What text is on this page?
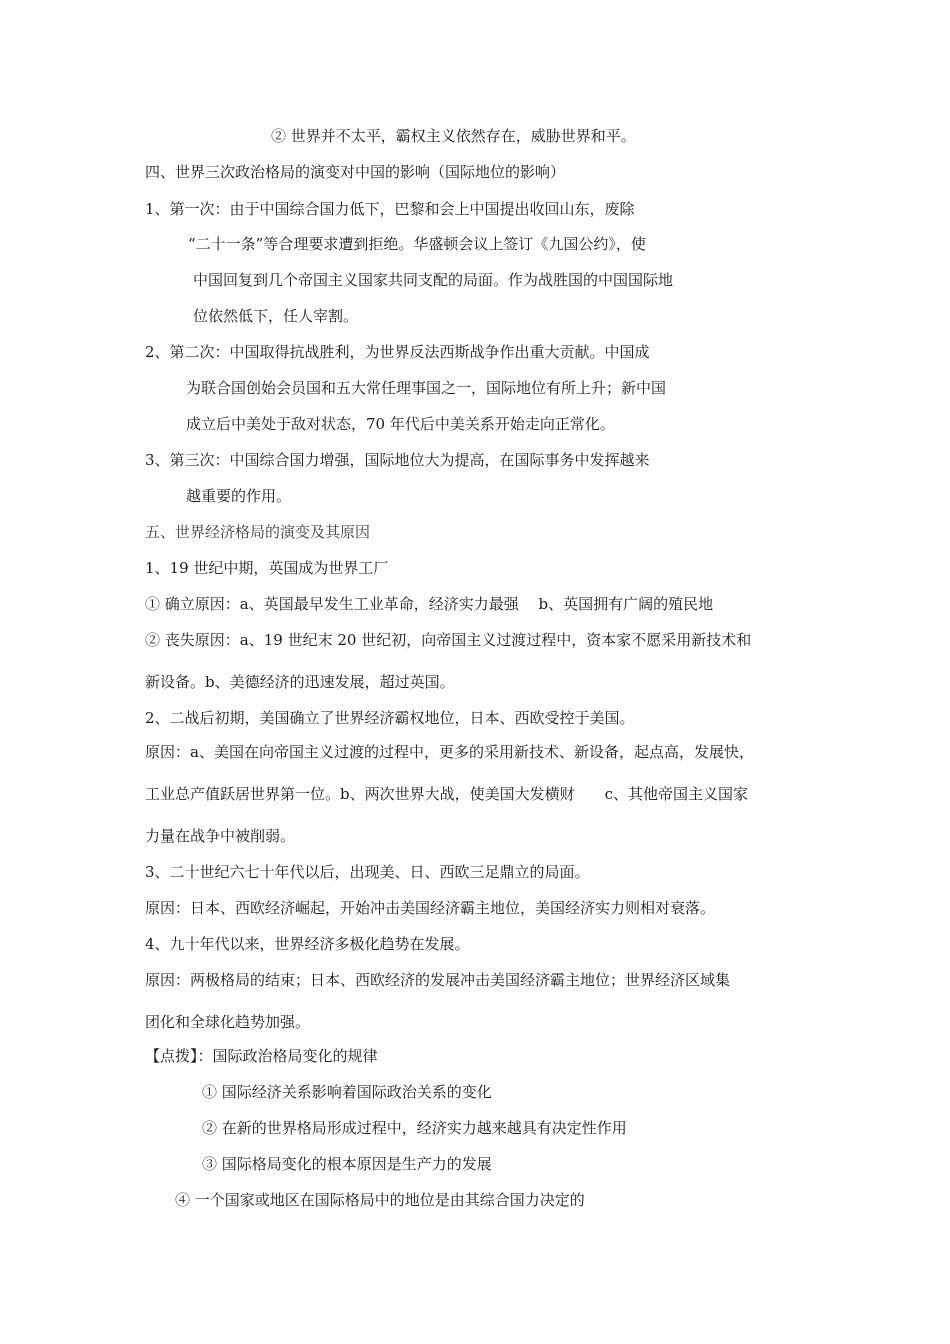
② 世界并不太平，霸权主义依然存在，威胁世界和平。
四、世界三次政治格局的演变对中国的影响（国际地位的影响）
1、第一次：由于中国综合国力低下，巴黎和会上中国提出收回山东，废除
“二十一条”等合理要求遭到拒绝。华盛顿会议上签订《九国公约》，使
中国回复到几个帝国主义国家共同支配的局面。作为战胜国的中国国际地
位依然低下，任人宰割。
2、第二次：中国取得抗战胜利，为世界反法西斯战争作出重大贡献。中国成
为联合国创始会员国和五大常任理事国之一，国际地位有所上升；新中国
成立后中美处于敌对状态，70 年代后中美关系开始走向正常化。
3、第三次：中国综合国力增强，国际地位大为提高，在国际事务中发挥越来
越重要的作用。
五、世界经济格局的演变及其原因
1、19 世纪中期，英国成为世界工厂
① 确立原因：a、英国最早发生工业革命，经济实力最强　 b、英国拥有广阔的殖民地
② 丧失原因：a、19 世纪末 20 世纪初，向帝国主义过渡过程中，资本家不愿采用新技术和
新设备。b、美德经济的迅速发展，超过英国。
2、二战后初期，美国确立了世界经济霸权地位，日本、西欧受控于美国。
原因：a、美国在向帝国主义过渡的过程中，更多的采用新技术、新设备，起点高，发展快，
工业总产值跃居世界第一位。b、两次世界大战，使美国大发横财　　c、其他帝国主义国家
力量在战争中被削弱。
3、二十世纪六七十年代以后，出现美、日、西欧三足鼎立的局面。
原因：日本、西欧经济崛起，开始冲击美国经济霸主地位，美国经济实力则相对衰落。
4、九十年代以来，世界经济多极化趋势在发展。
原因：两极格局的结束；日本、西欧经济的发展冲击美国经济霸主地位；世界经济区域集
团化和全球化趋势加强。
【点拨】：国际政治格局变化的规律
① 国际经济关系影响着国际政治关系的变化
② 在新的世界格局形成过程中，经济实力越来越具有决定性作用
③ 国际格局变化的根本原因是生产力的发展
④ 一个国家或地区在国际格局中的地位是由其综合国力决定的
